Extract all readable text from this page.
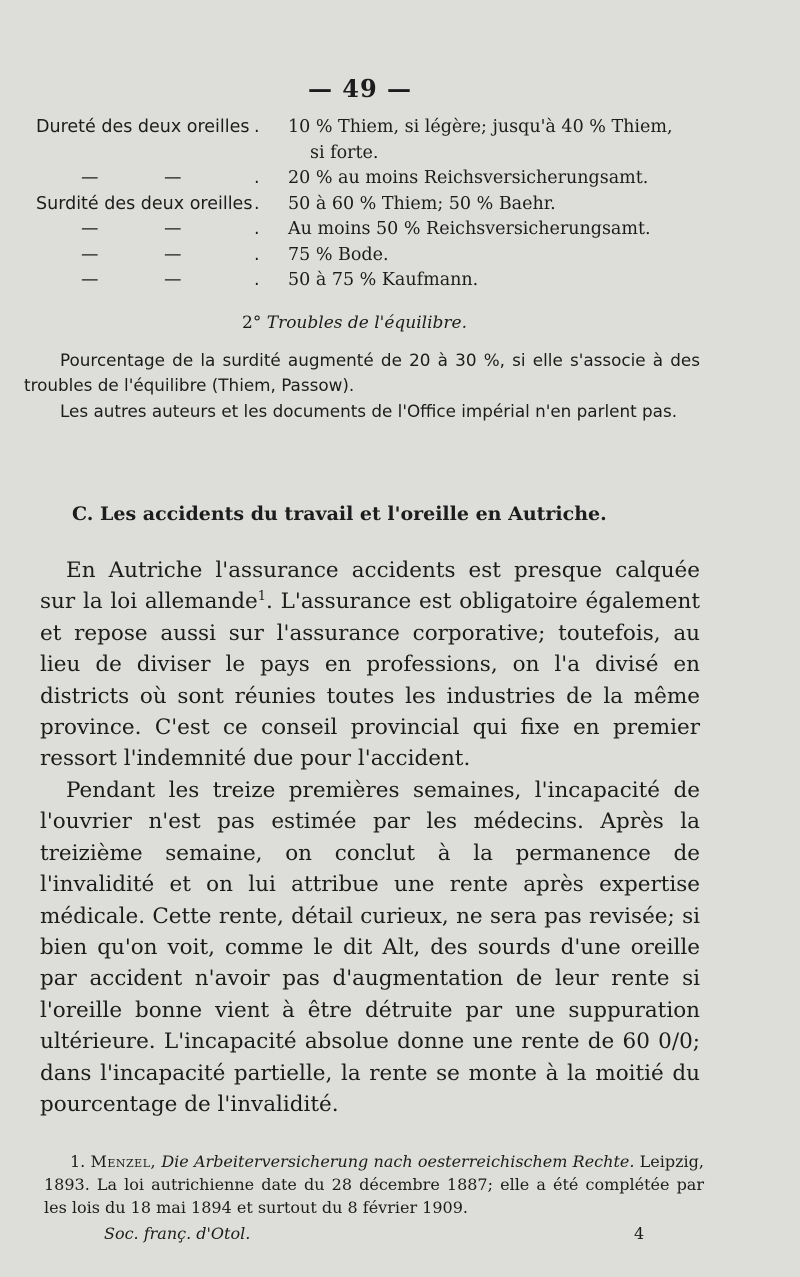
— 49 —
Dureté des deux oreilles . 10 % Thiem, si légère; jusqu'à 40 % Thiem,
si forte.
—	—	. 20 % au moins Reichsversicherungsamt.
Surdité des deux oreilles . 50 à 60 % Thiem; 50 % Baehr.
—	—	. Au moins 50 % Reichsversicherungsamt.
—	—	. 75 % Bode.
—	—	. 50 à 75 % Kaufmann.
2° Troubles de l'équilibre.

Pourcentage de la surdité augmenté de 20 à 30 %, si elle s'associe à des troubles de l'équilibre (Thiem, Passow).

Les autres auteurs et les documents de l'Office impérial n'en parlent pas.

C. Les accidents du travail et l'oreille en Autriche.

En Autriche l'assurance accidents est presque calquée sur la loi allemande$^1$. L'assurance est obligatoire également et repose aussi sur l'assurance corporative; toutefois, au lieu de diviser le pays en professions, on l'a divisé en districts où sont réunies toutes les industries de la même province. C'est ce conseil provincial qui fixe en premier ressort l'indemnité due pour l'accident.

Pendant les treize premières semaines, l'incapacité de l'ouvrier n'est pas estimée par les médecins. Après la treizième semaine, on conclut à la permanence de l'invalidité et on lui attribue une rente après expertise médicale. Cette rente, détail curieux, ne sera pas revisée; si bien qu'on voit, comme le dit Alt, des sourds d'une oreille par accident n'avoir pas d'augmentation de leur rente si l'oreille bonne vient à être détruite par une suppuration ultérieure. L'incapacité absolue donne une rente de 60 0/0; dans l'incapacité partielle, la rente se monte à la moitié du pourcentage de l'invalidité.

1. Menzel, Die Arbeiterversicherung nach oesterreichischem Rechte. Leipzig, 1893. La loi autrichienne date du 28 décembre 1887; elle a été complétée par les lois du 18 mai 1894 et surtout du 8 février 1909.

Soc. franç. d'Otol.	4
